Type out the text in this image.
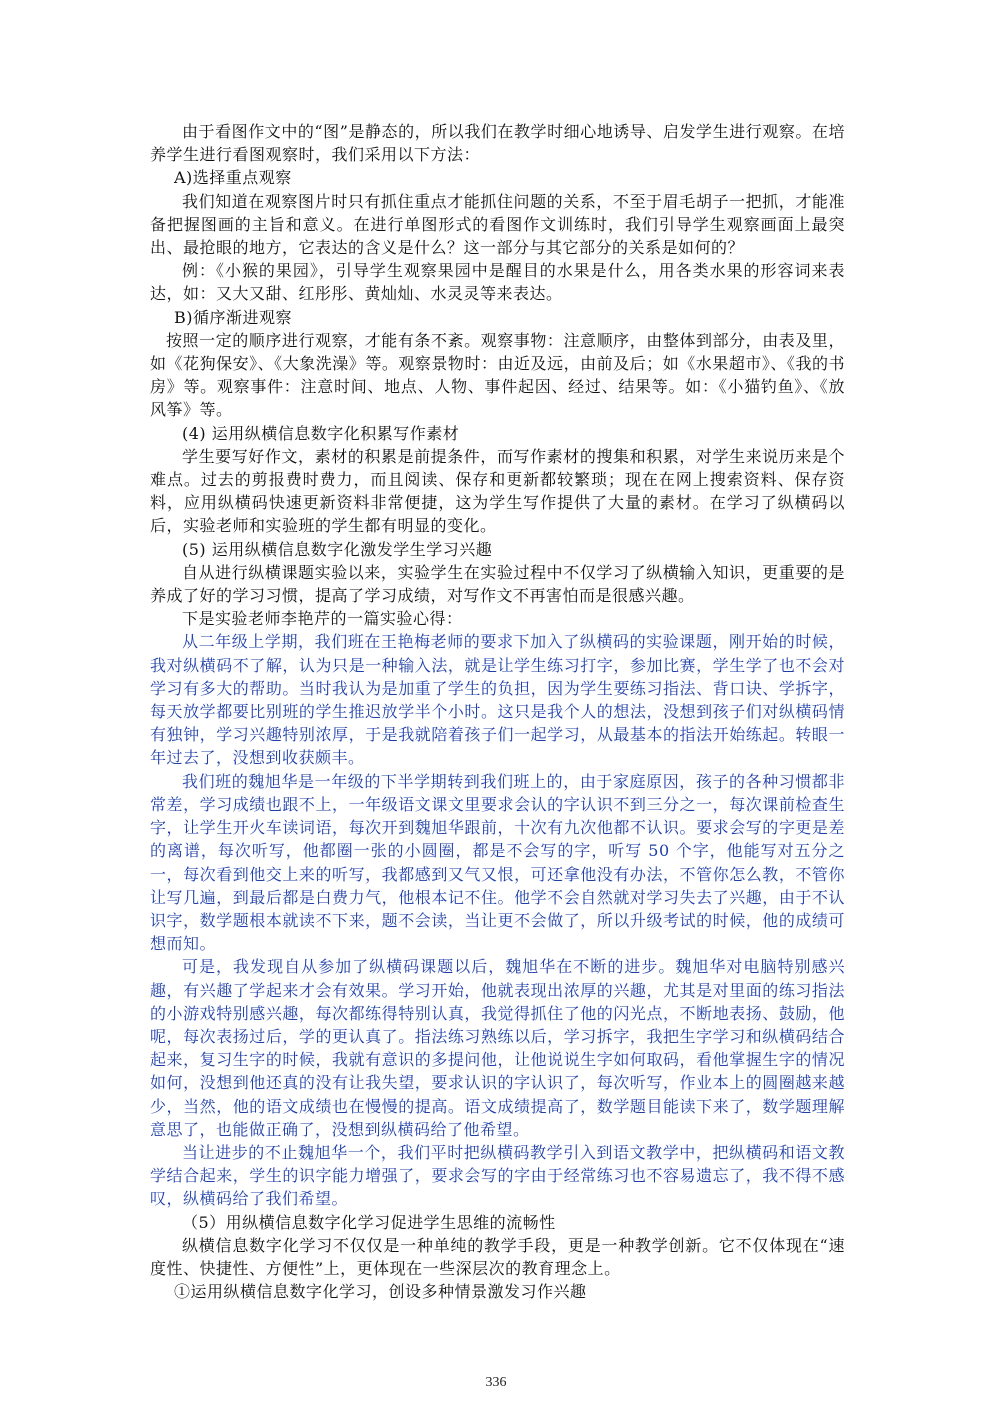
由于看图作文中的“图”是静态的，所以我们在教学时细心地诱导、启发学生进行观察。在培养学生进行看图观察时，我们采用以下方法：

A)选择重点观察

我们知道在观察图片时只有抓住重点才能抓住问题的关系，不至于眉毛胡子一把抓，才能准备把握图画的主旨和意义。在进行单图形式的看图作文训练时，我们引导学生观察画面上最突出、最抢眼的地方，它表达的含义是什么？这一部分与其它部分的关系是如何的？

例：《小猴的果园》，引导学生观察果园中是醒目的水果是什么，用各类水果的形容词来表达，如：又大又甜、红彤彤、黄灿灿、水灵灵等来表达。

B)循序渐进观察

按照一定的顺序进行观察，才能有条不紊。观察事物：注意顺序，由整体到部分，由表及里，如《花狗保安》、《大象洗澡》等。观察景物时：由近及远，由前及后；如《水果超市》、《我的书房》等。观察事件：注意时间、地点、人物、事件起因、经过、结果等。如：《小猫钓鱼》、《放风筝》等。

(4) 运用纵横信息数字化积累写作素材

学生要写好作文，素材的积累是前提条件，而写作素材的搜集和积累，对学生来说历来是个难点。过去的剪报费时费力，而且阅读、保存和更新都较繁琐；现在在网上搜索资料、保存资料，应用纵横码快速更新资料非常便捷，这为学生写作提供了大量的素材。在学习了纵横码以后，实验老师和实验班的学生都有明显的变化。

(5) 运用纵横信息数字化激发学生学习兴趣

自从进行纵横课题实验以来，实验学生在实验过程中不仅学习了纵横输入知识，更重要的是养成了好的学习习惯，提高了学习成绩，对写作文不再害怕而是很感兴趣。

下是实验老师李艳芹的一篇实验心得：

从二年级上学期，我们班在王艳梅老师的要求下加入了纵横码的实验课题，刚开始的时候，我对纵横码不了解，认为只是一种输入法，就是让学生练习打字，参加比赛，学生学了也不会对学习有多大的帮助。当时我认为是加重了学生的负担，因为学生要练习指法、背口诀、学拆字，每天放学都要比别班的学生推迟放学半个小时。这只是我个人的想法，没想到孩子们对纵横码情有独钟，学习兴趣特别浓厚，于是我就陪着孩子们一起学习，从最基本的指法开始练起。转眼一年过去了，没想到收获颇丰。

我们班的魏旭华是一年级的下半学期转到我们班上的，由于家庭原因，孩子的各种习惯都非常差，学习成绩也跟不上，一年级语文课文里要求会认的字认识不到三分之一，每次课前检查生字，让学生开火车读词语，每次开到魏旭华跟前，十次有九次他都不认识。要求会写的字更是差的离谱，每次听写，他都圈一张的小圆圈，都是不会写的字，听写 50 个字，他能写对五分之一，每次看到他交上来的听写，我都感到又气又恨，可还拿他没有办法，不管你怎么教，不管你让写几遍，到最后都是白费力气，他根本记不住。他学不会自然就对学习失去了兴趣，由于不认识字，数学题根本就读不下来，题不会读，当让更不会做了，所以升级考试的时候，他的成绩可想而知。

可是，我发现自从参加了纵横码课题以后，魏旭华在不断的进步。魏旭华对电脑特别感兴趣，有兴趣了学起来才会有效果。学习开始，他就表现出浓厚的兴趣，尤其是对里面的练习指法的小游戏特别感兴趣，每次都练得特别认真，我觉得抓住了他的闪光点，不断地表扬、鼓励，他呢，每次表扬过后，学的更认真了。指法练习熟练以后，学习拆字，我把生字学习和纵横码结合起来，复习生字的时候，我就有意识的多提问他，让他说说生字如何取码，看他掌握生字的情况如何，没想到他还真的没有让我失望，要求认识的字认识了，每次听写，作业本上的圆圈越来越少，当然，他的语文成绩也在慢慢的提高。语文成绩提高了，数学题目能读下来了，数学题理解意思了，也能做正确了，没想到纵横码给了他希望。

当让进步的不止魏旭华一个，我们平时把纵横码教学引入到语文教学中，把纵横码和语文教学结合起来，学生的识字能力增强了，要求会写的字由于经常练习也不容易遗忘了，我不得不感叹，纵横码给了我们希望。

（5）用纵横信息数字化学习促进学生思维的流畅性

纵横信息数字化学习不仅仅是一种单纯的教学手段，更是一种教学创新。它不仅体现在“速度性、快捷性、方便性”上，更体现在一些深层次的教育理念上。

①运用纵横信息数字化学习，创设多种情景激发习作兴趣

336
